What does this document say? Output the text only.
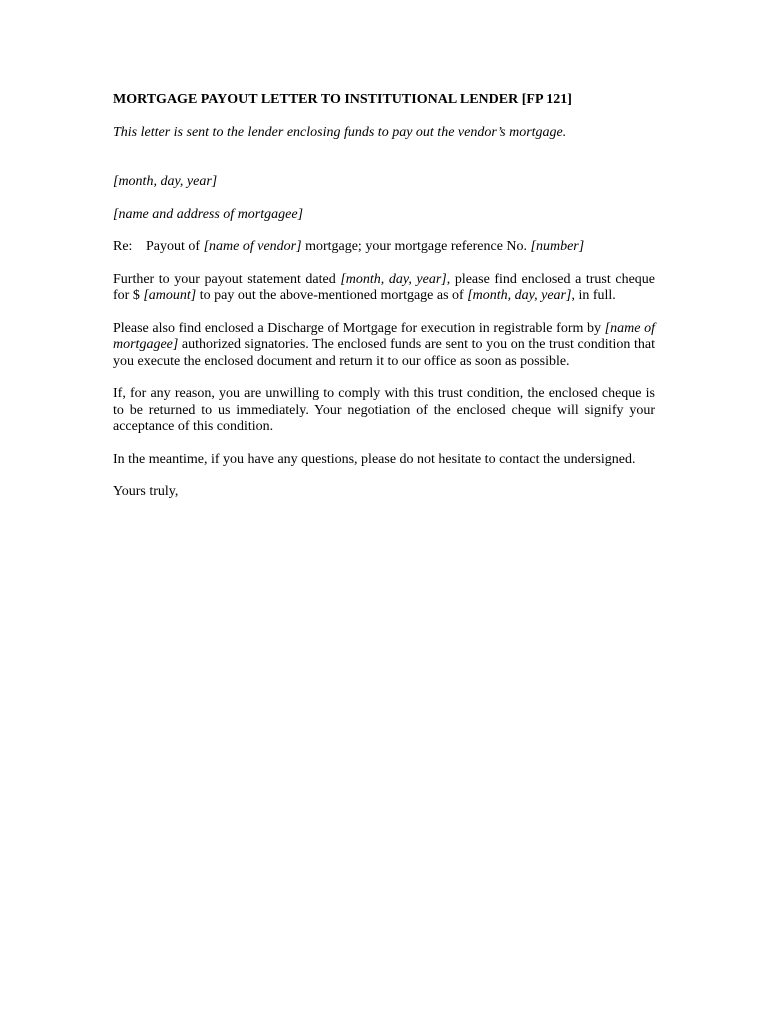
MORTGAGE PAYOUT LETTER TO INSTITUTIONAL LENDER [FP 121]
This letter is sent to the lender enclosing funds to pay out the vendor’s mortgage.
[month, day, year]
[name and address of mortgagee]
Re: Payout of [name of vendor] mortgage; your mortgage reference No. [number]
Further to your payout statement dated [month, day, year], please find enclosed a trust cheque for $ [amount] to pay out the above-mentioned mortgage as of [month, day, year], in full.
Please also find enclosed a Discharge of Mortgage for execution in registrable form by [name of mortgagee] authorized signatories. The enclosed funds are sent to you on the trust condition that you execute the enclosed document and return it to our office as soon as possible.
If, for any reason, you are unwilling to comply with this trust condition, the enclosed cheque is to be returned to us immediately. Your negotiation of the enclosed cheque will signify your acceptance of this condition.
In the meantime, if you have any questions, please do not hesitate to contact the undersigned.
Yours truly,
